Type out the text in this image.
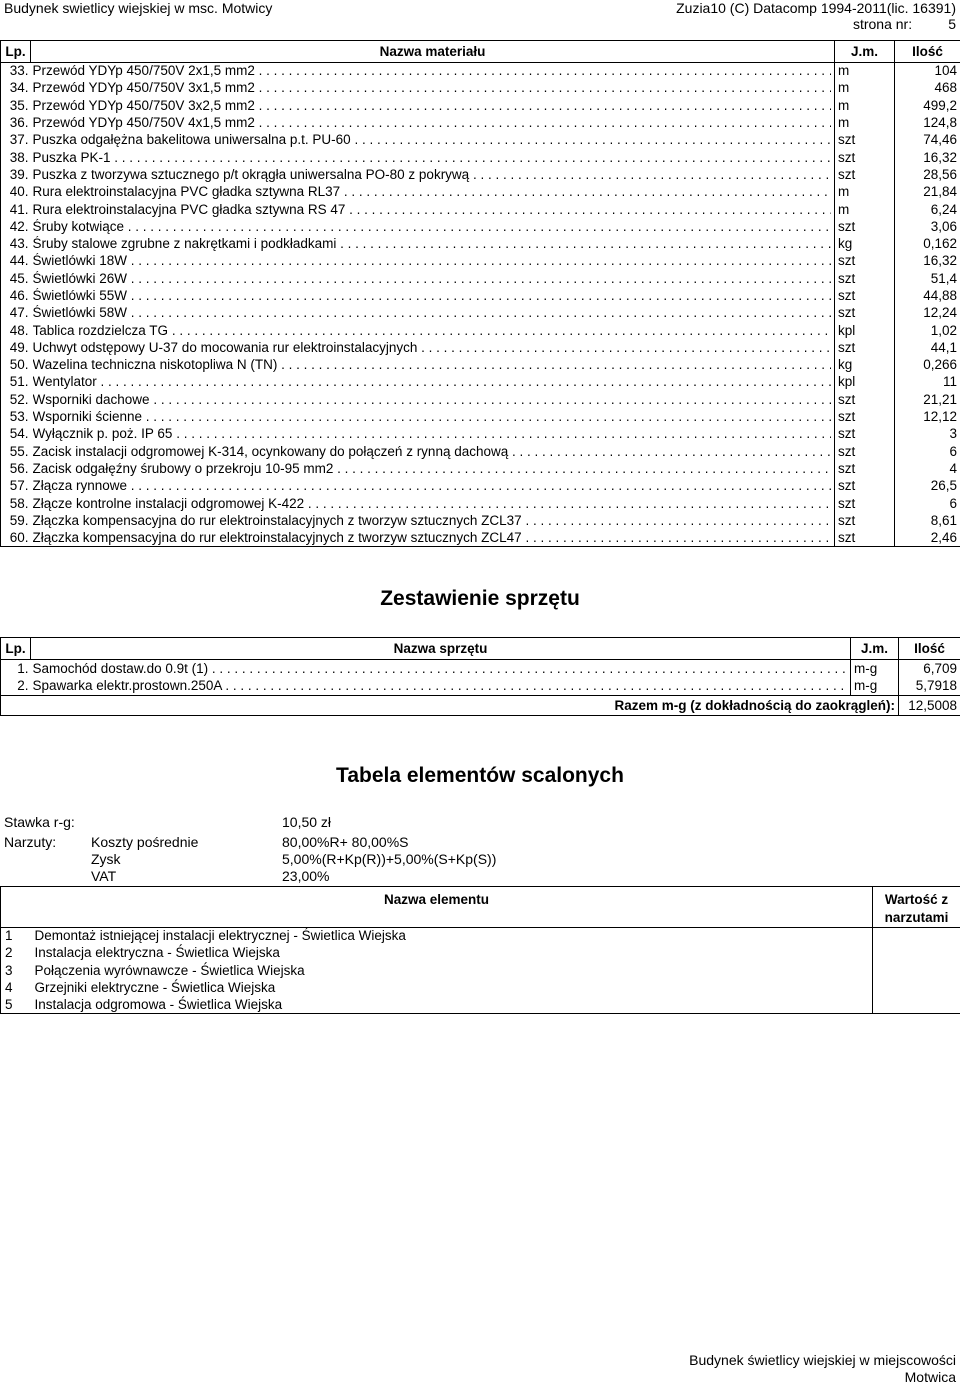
Budynek swietlicy wiejskiej w msc. Motwicy	Zuzia10 (C) Datacomp 1994-2011(lic. 16391)
strona nr:	5
Lp.	Nazwa materiału	J.m.	Ilość
33.	Przewód YDYp 450/750V 2x1,5 mm2 . . .	m	104
34.	Przewód YDYp 450/750V 3x1,5 mm2 . . .	m	468
35.	Przewód YDYp 450/750V 3x2,5 mm2 . . .	m	499,2
36.	Przewód YDYp 450/750V 4x1,5 mm2 . . .	m	124,8
37.	Puszka odgałężna bakelitowa uniwersalna p.t. PU-60 . . .	szt	74,46
38.	Puszka PK-1 . . .	szt	16,32
39.	Puszka z tworzywa sztucznego p/t okrągła uniwersalna PO-80 z pokrywą . . .	szt	28,56
40.	Rura elektroinstalacyjna PVC gładka sztywna RL37 . . .	m	21,84
41.	Rura elektroinstalacyjna PVC gładka sztywna RS 47 . . .	m	6,24
42.	Śruby kotwiące . . .	szt	3,06
43.	Śruby stalowe zgrubne z nakrętkami i podkładkami . . .	kg	0,162
44.	Świetlówki 18W . . .	szt	16,32
45.	Świetlówki 26W . . .	szt	51,4
46.	Świetlówki 55W . . .	szt	44,88
47.	Świetlówki 58W . . .	szt	12,24
48.	Tablica rozdzielcza TG . . .	kpl	1,02
49.	Uchwyt odstępowy U-37 do mocowania rur elektroinstalacyjnych . . .	szt	44,1
50.	Wazelina techniczna niskotopliwa N (TN) . . .	kg	0,266
51.	Wentylator . . .	kpl	11
52.	Wsporniki dachowe . . .	szt	21,21
53.	Wsporniki ścienne . . .	szt	12,12
54.	Wyłącznik p. poż. IP 65 . . .	szt	3
55.	Zacisk instalacji odgromowej K-314, ocynkowany do połączeń z rynną dachową . . .	szt	6
56.	Zacisk odgałęźny śrubowy o przekroju 10-95 mm2 . . .	szt	4
57.	Złącza rynnowe . . .	szt	26,5
58.	Złącze kontrolne instalacji odgromowej K-422 . . .	szt	6
59.	Złączka kompensacyjna do rur elektroinstalacyjnych z tworzyw sztucznych ZCL37 . . .	szt	8,61
60.	Złączka kompensacyjna do rur elektroinstalacyjnych z tworzyw sztucznych ZCL47 . . .	szt	2,46
Zestawienie sprzętu
Lp.	Nazwa sprzętu	J.m.	Ilość
1.	Samochód dostaw.do 0.9t (1) . . .	m-g	6,709
2.	Spawarka elektr.prostown.250A . . .	m-g	5,7918
Razem m-g (z dokładnością do zaokrągleń):			12,5008
Tabela elementów scalonych
Stawka r-g:	10,50 zł
Narzuty:	Koszty pośrednie	80,00%R+ 80,00%S
Zysk	5,00%(R+Kp(R))+5,00%(S+Kp(S))
VAT	23,00%
Nazwa elementu		Wartość z narzutami
1	Demontaż istniejącej instalacji elektrycznej - Świetlica Wiejska	
2	Instalacja elektryczna - Świetlica Wiejska	
3	Połączenia wyrównawcze - Świetlica Wiejska	
4	Grzejniki elektryczne - Świetlica Wiejska	
5	Instalacja odgromowa - Świetlica Wiejska	
Budynek świetlicy wiejskiej w miejscowości
Motwica
